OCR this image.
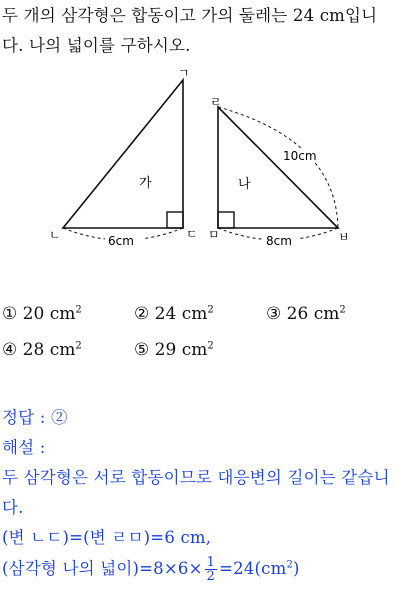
두 개의 삼각형은 합동이고 가의 둘레는 24 cm입니
다. 나의 넓이를 구하시오.
ㄱ
ㄴ	ㄷ
가
6cm
ㄹ
ㅁ	ㅂ
나
10cm
8cm
① 20 $cm^2$	② 24 $cm^2$	③ 26 $cm^2$
④ 28 $cm^2$	⑤ 29 $cm^2$
정답 : ②
해설 :
두 삼각형은 서로 합동이므로 대응변의 길이는 같습니
다.
(변 ㄴㄷ)=(변 ㄹㅁ)=6 cm,
(삼각형 나의 넓이)$=8\times 6\times \frac{1}{2} =24(cm^2)$
